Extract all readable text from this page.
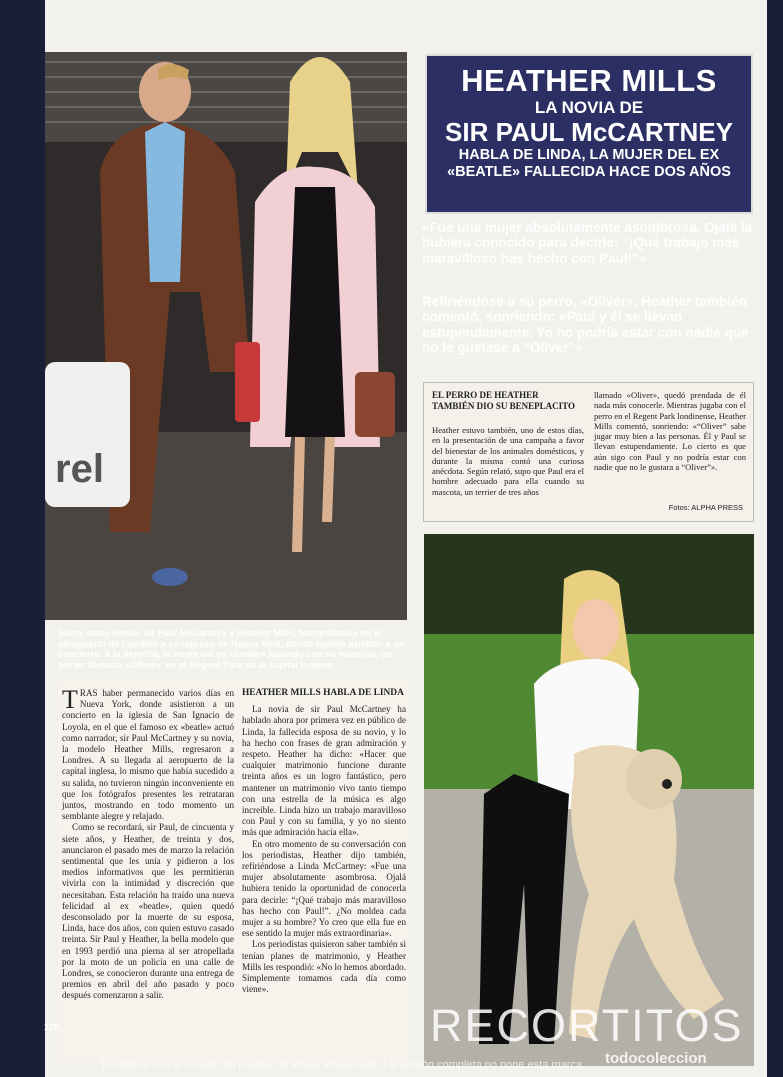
rel
HEATHER MILLS
LA NOVIA DE
SIR PAUL McCARTNEY
HABLA DE LINDA, LA MUJER DEL EX
«BEATLE» FALLECIDA HACE DOS AÑOS
«Fue una mujer absolutamente asombrosa. Ojalá la hubiera conocido para decirle: “¡Qué trabajo más maravilloso has hecho con Paul!”»
Refiriéndose a su perro, «Oliver», Heather también comentó, sonriendo: «Paul y él se llevan estupendamente. Yo no podría estar con nadie que no le gustase a “Oliver”»
EL PERRO DE HEATHER TAMBIÉN DIO SU BENEPLACITO
Heather estuvo también, uno de estos días, en la presentación de una campaña a favor del bienestar de los animales domésticos, y durante la misma contó una curiosa anécdota. Según relató, supo que Paul era el hombre adecuado para ella cuando su mascota, un terrier de tres años
llamado «Oliver», quedó prendada de él nada más conocerle. Mientras jugaba con el perro en el Regent Park londinense, Heather Mills comentó, sonriendo: «“Oliver” sabe jugar muy bien a las personas. Él y Paul se llevan estupendamente. Lo cierto es que aún sigo con Paul y no podría estar con nadie que no le gustara a “Oliver”».
Fotos: ALPHA PRESS
Sobre estas líneas, sir Paul McCartney y Heather Mills, fotografiados en el aeropuerto de Londres a su regreso de Nueva York, donde habían asistido a un concierto. A la derecha, la novia del ex «beatle» jugando con su mascota, un terrier llamado «Oliver», en el Regent Park de la capital inglesa
TRAS haber permanecido varios días en Nueva York, donde asistieron a un concierto en la iglesia de San Ignacio de Loyola, en el que el famoso ex «beatle» actuó como narrador, sir Paul McCartney y su novia, la modelo Heather Mills, regresaron a Londres. A su llegada al aeropuerto de la capital inglesa, lo mismo que había sucedido a su salida, no tuvieron ningún inconveniente en que los fotógrafos presentes les retrataran juntos, mostrando en todo momento un semblante alegre y relajado.

Como se recordará, sir Paul, de cincuenta y siete años, y Heather, de treinta y dos, anunciaron el pasado mes de marzo la relación sentimental que les unía y pidieron a los medios informativos que les permitieran vivirla con la intimidad y discreción que necesitaban. Esta relación ha traído una nueva felicidad al ex «beatle», quien quedó desconsolado por la muerte de su esposa, Linda, hace dos años, con quien estuvo casado treinta. Sir Paul y Heather, la bella modelo que en 1993 perdió una pierna al ser atropellada por la moto de un policía en una calle de Londres, se conocieron durante una entrega de premios en abril del año pasado y poco después comenzaron a salir.

HEATHER MILLS HABLA DE LINDA

La novia de sir Paul McCartney ha hablado ahora por primera vez en público de Linda, la fallecida esposa de su novio, y lo ha hecho con frases de gran admiración y respeto. Heather ha dicho: «Hacer que cualquier matrimonio funcione durante treinta años es un logro fantástico, pero mantener un matrimonio vivo tanto tiempo con una estrella de la música es algo increíble. Linda hizo un trabajo maravilloso con Paul y con su familia, y yo no siento más que admiración hacia ella».

En otro momento de su conversación con los periodistas, Heather dijo también, refiriéndose a Linda McCartney: «Fue una mujer absolutamente asombrosa. Ojalá hubiera tenido la oportunidad de conocerla para decirle: “¡Qué trabajo más maravilloso has hecho con Paul!”. ¿No moldea cada mujer a su hombre? Yo creo que ella fue en ese sentido la mujer más extraordinaria».

Los periodistas quisieron saber también si tenían planes de matrimonio, y Heather Mills les respondió: «No lo hemos abordado. Simplemente tomamos cada día como viene».

128	RECORTITOS
todocoleccion
Protegido con la versión de prueba de Visual Watermark. La versión completa no pone esta marca.
